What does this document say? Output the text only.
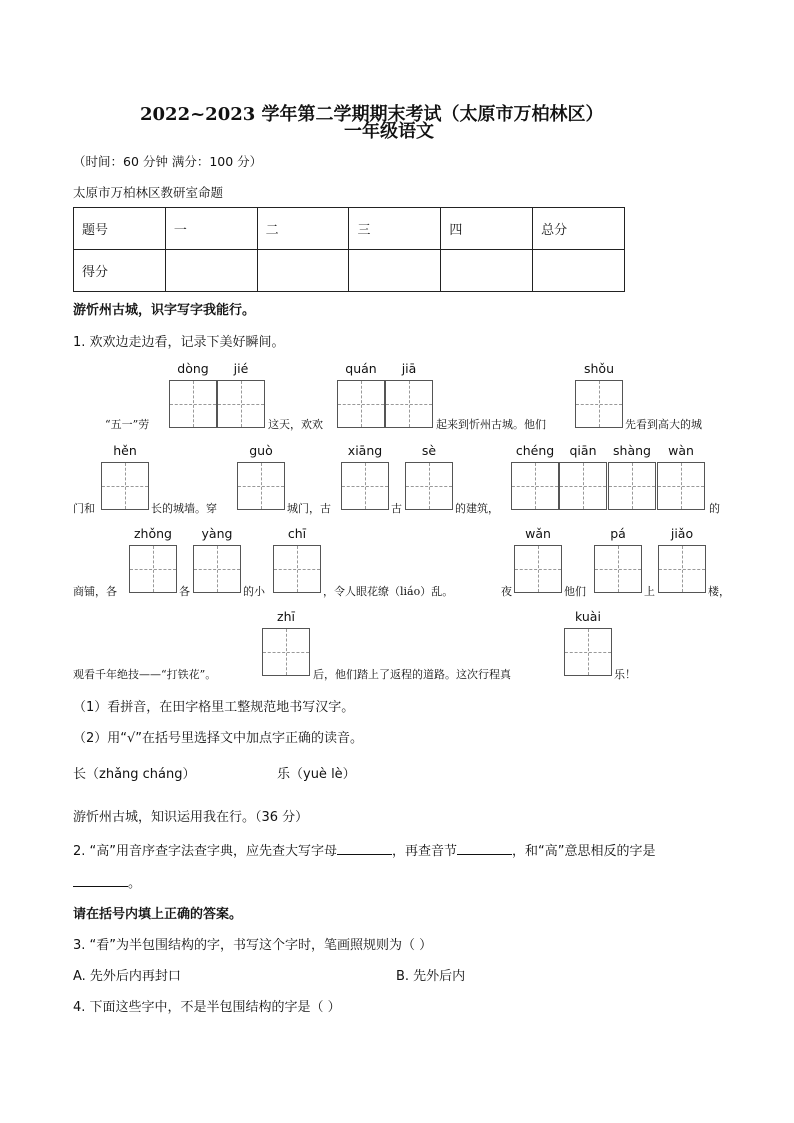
2022~2023 学年第二学期期末考试（太原市万柏林区）
一年级语文
（时间：60 分钟 满分：100 分）
太原市万柏林区教研室命题
题号	一	二	三	四	总分
得分					
游忻州古城，识字写字我能行。
1. 欢欢边走边看，记录下美好瞬间。
dòng	jié	quán	jiā	shǒu
“五一”劳	这天，欢欢	起来到忻州古城。他们	先看到高大的城
hěn	guò	xiāng	sè	chéng	qiān	shàng	wàn
门和	长的城墙。穿	城门，古	古	的建筑，	的
zhǒng	yàng	chī	wǎn	pá	jiǎo
商铺，各	各	的小	，令人眼花缭（liáo）乱。	夜	他们	上	楼，
zhī	kuài
观看千年绝技——“打铁花”。	后，他们踏上了返程的道路。这次行程真	乐！
（1）看拼音，在田字格里工整规范地书写汉字。
（2）用“√”在括号里选择文中加点字正确的读音。
长（zhǎng cháng）	乐（yuè lè）
游忻州古城，知识运用我在行。（36 分）
2. “高”用音序查字法查字典，应先查大写字母	，再查音节	，和“高”意思相反的字是
。
请在括号内填上正确的答案。
3. “看”为半包围结构的字，书写这个字时，笔画照规则为（ ）
A. 先外后内再封口	B. 先外后内
4. 下面这些字中，不是半包围结构的字是（ ）
